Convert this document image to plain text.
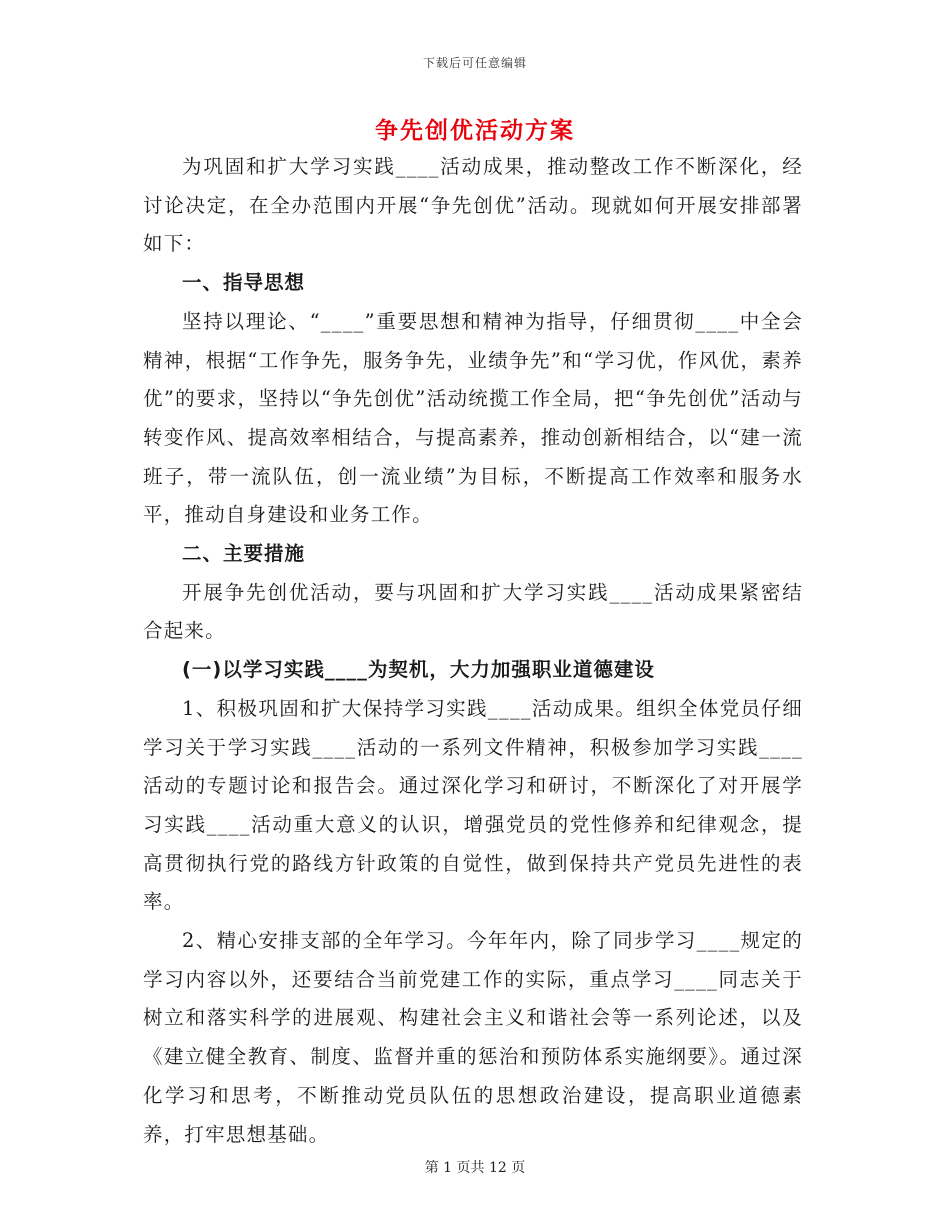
下载后可任意编辑
争先创优活动方案

为巩固和扩大学习实践____活动成果，推动整改工作不断深化，经讨论决定，在全办范围内开展“争先创优”活动。现就如何开展安排部署如下：

一、指导思想

坚持以理论、“____”重要思想和精神为指导，仔细贯彻____中全会精神，根据“工作争先，服务争先，业绩争先”和“学习优，作风优，素养优”的要求，坚持以“争先创优”活动统揽工作全局，把“争先创优”活动与转变作风、提高效率相结合，与提高素养，推动创新相结合，以“建一流班子，带一流队伍，创一流业绩”为目标，不断提高工作效率和服务水平，推动自身建设和业务工作。

二、主要措施

开展争先创优活动，要与巩固和扩大学习实践____活动成果紧密结合起来。

(一)以学习实践____为契机，大力加强职业道德建设

1、积极巩固和扩大保持学习实践____活动成果。组织全体党员仔细学习关于学习实践____活动的一系列文件精神，积极参加学习实践____活动的专题讨论和报告会。通过深化学习和研讨，不断深化了对开展学习实践____活动重大意义的认识，增强党员的党性修养和纪律观念，提高贯彻执行党的路线方针政策的自觉性，做到保持共产党员先进性的表率。

2、精心安排支部的全年学习。今年年内，除了同步学习____规定的学习内容以外，还要结合当前党建工作的实际，重点学习____同志关于树立和落实科学的进展观、构建社会主义和谐社会等一系列论述，以及《建立健全教育、制度、监督并重的惩治和预防体系实施纲要》。通过深化学习和思考，不断推动党员队伍的思想政治建设，提高职业道德素养，打牢思想基础。

第 1 页共 12 页
